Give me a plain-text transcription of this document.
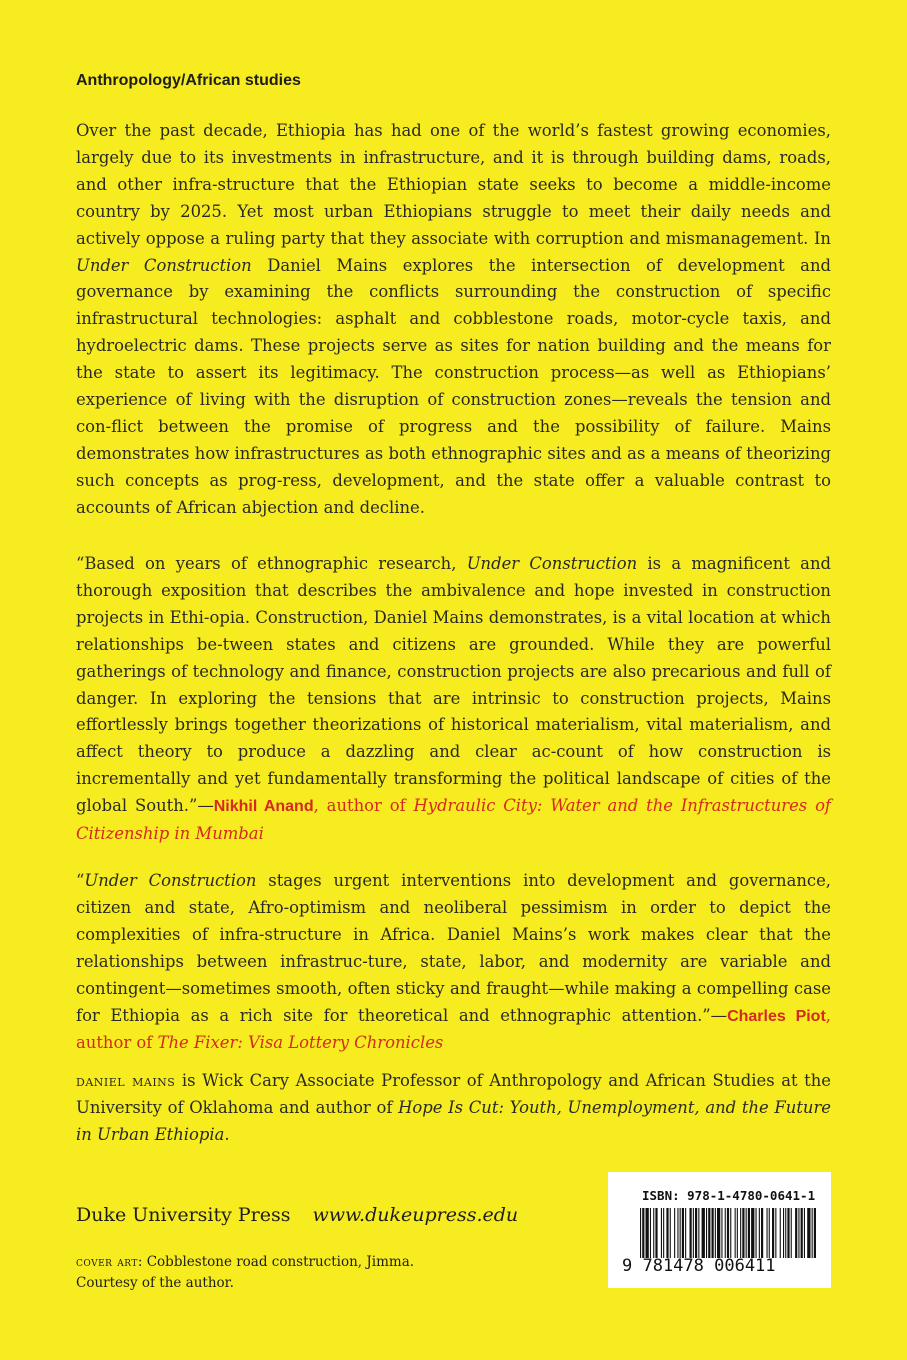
Anthropology/African studies

Over the past decade, Ethiopia has had one of the world’s fastest growing economies, largely due to its investments in infrastructure, and it is through building dams, roads, and other infra-structure that the Ethiopian state seeks to become a middle-income country by 2025. Yet most urban Ethiopians struggle to meet their daily needs and actively oppose a ruling party that they associate with corruption and mismanagement. In Under Construction Daniel Mains explores the intersection of development and governance by examining the conflicts surrounding the construction of specific infrastructural technologies: asphalt and cobblestone roads, motor-cycle taxis, and hydroelectric dams. These projects serve as sites for nation building and the means for the state to assert its legitimacy. The construction process—as well as Ethiopians’ experience of living with the disruption of construction zones—reveals the tension and con-flict between the promise of progress and the possibility of failure. Mains demonstrates how infrastructures as both ethnographic sites and as a means of theorizing such concepts as prog-ress, development, and the state offer a valuable contrast to accounts of African abjection and decline.

“Based on years of ethnographic research, Under Construction is a magnificent and thorough exposition that describes the ambivalence and hope invested in construction projects in Ethi-opia. Construction, Daniel Mains demonstrates, is a vital location at which relationships be-tween states and citizens are grounded. While they are powerful gatherings of technology and finance, construction projects are also precarious and full of danger. In exploring the tensions that are intrinsic to construction projects, Mains effortlessly brings together theorizations of historical materialism, vital materialism, and affect theory to produce a dazzling and clear ac-count of how construction is incrementally and yet fundamentally transforming the political landscape of cities of the global South.”—Nikhil Anand, author of Hydraulic City: Water and the Infrastructures of Citizenship in Mumbai

“Under Construction stages urgent interventions into development and governance, citizen and state, Afro-optimism and neoliberal pessimism in order to depict the complexities of infra-structure in Africa. Daniel Mains’s work makes clear that the relationships between infrastruc-ture, state, labor, and modernity are variable and contingent—sometimes smooth, often sticky and fraught—while making a compelling case for Ethiopia as a rich site for theoretical and ethnographic attention.”—Charles Piot, author of The Fixer: Visa Lottery Chronicles

daniel mains is Wick Cary Associate Professor of Anthropology and African Studies at the University of Oklahoma and author of Hope Is Cut: Youth, Unemployment, and the Future in Urban Ethiopia.

Duke University Press www.dukeupress.edu
cover art: Cobblestone road construction, Jimma.
Courtesy of the author.
ISBN: 978-1-4780-0641-1
9 781478 006411
